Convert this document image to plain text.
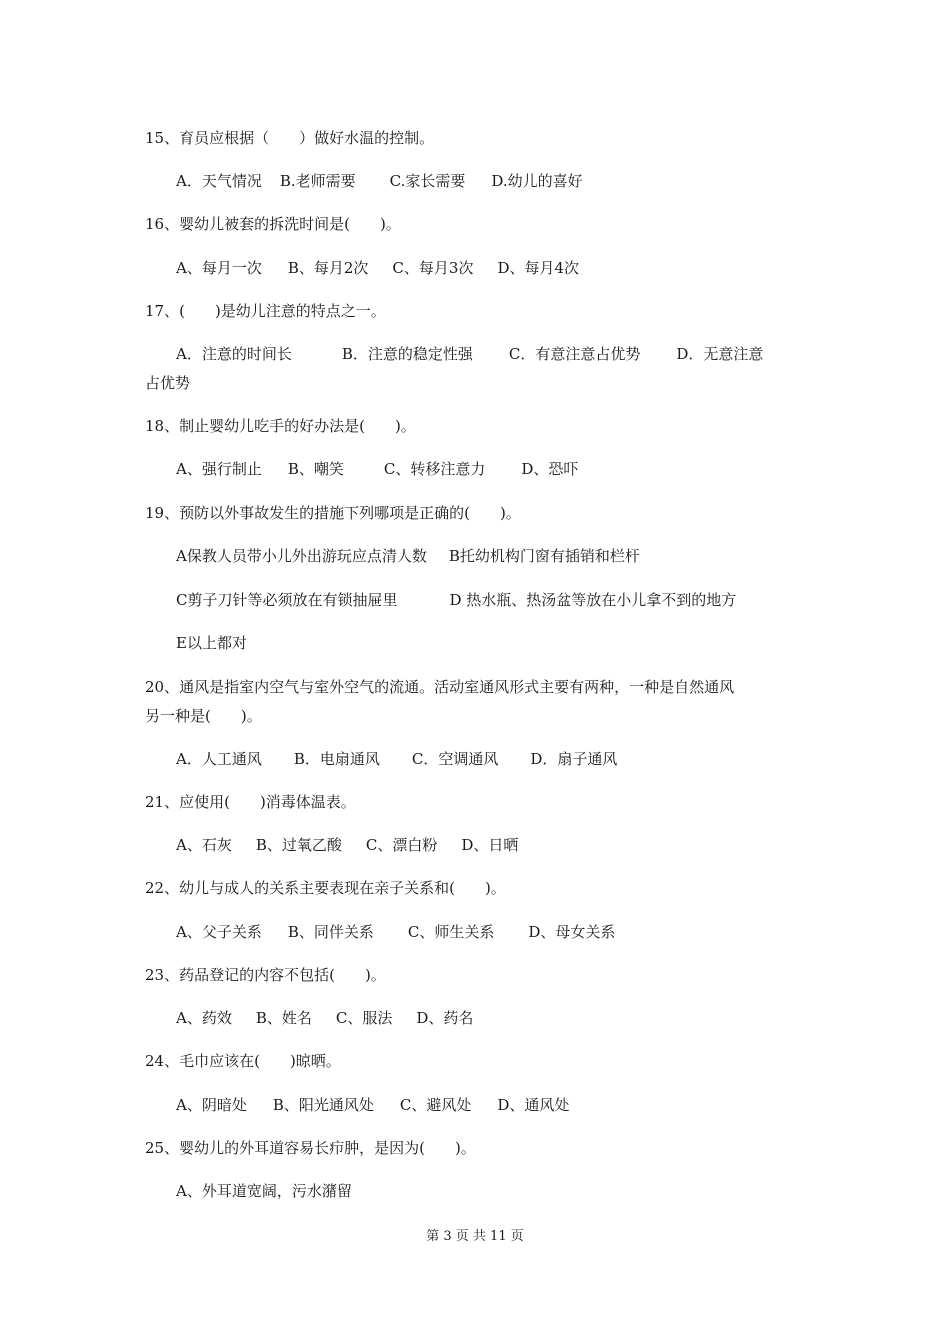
15、育员应根据（　　）做好水温的控制。
A．天气情况 B.老师需要 C.家长需要 D.幼儿的喜好
16、婴幼儿被套的拆洗时间是(　　)。
A、每月一次 B、每月2次 C、每月3次 D、每月4次
17、(　　)是幼儿注意的特点之一。
A．注意的时间长	B．注意的稳定性强 C．有意注意占优势 D．无意注意
占优势
18、制止婴幼儿吃手的好办法是(　　)。
A、强行制止 B、嘲笑	C、转移注意力 D、恐吓
19、预防以外事故发生的措施下列哪项是正确的(　　)。
A保教人员带小儿外出游玩应点清人数 B托幼机构门窗有插销和栏杆
C剪子刀针等必须放在有锁抽屉里	D 热水瓶、热汤盆等放在小儿拿不到的地方
E以上都对
20、通风是指室内空气与室外空气的流通。活动室通风形式主要有两种，一种是自然通风
另一种是(　　)。
A．人工通风 B．电扇通风 C．空调通风 D．扇子通风
21、应使用(　　)消毒体温表。
A、石灰 B、过氧乙酸 C、漂白粉 D、日晒
22、幼儿与成人的关系主要表现在亲子关系和(　　)。
A、父子关系 B、同伴关系 C、师生关系 D、母女关系
23、药品登记的内容不包括(　　)。
A、药效 B、姓名 C、服法 D、药名
24、毛巾应该在(　　)晾晒。
A、阴暗处 B、阳光通风处 C、避风处 D、通风处
25、婴幼儿的外耳道容易长疖肿，是因为(　　)。
A、外耳道宽阔，污水潴留
第 3 页 共 11 页
